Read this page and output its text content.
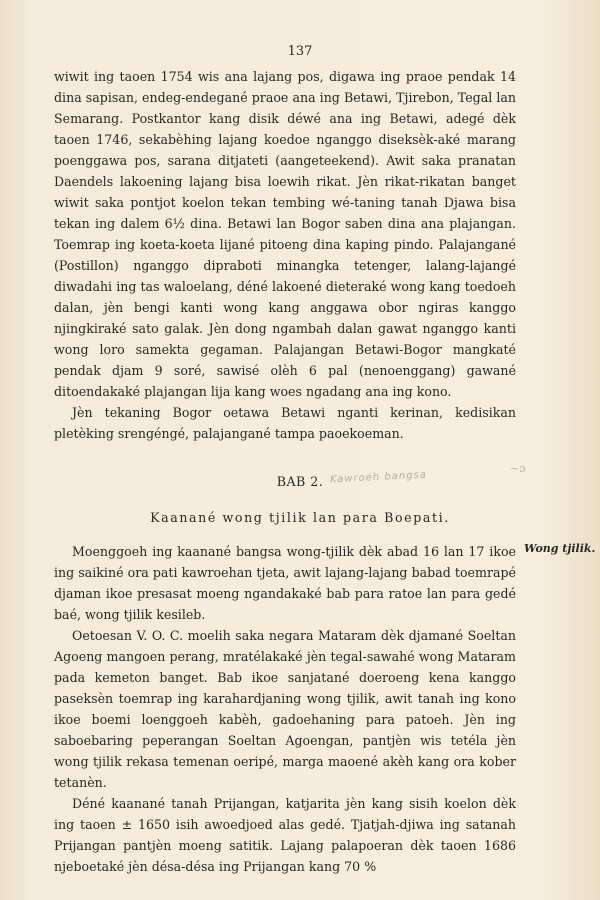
137

wiwit ing taoen 1754 wis ana lajang pos, digawa ing praoe pendak 14 dina sapisan, endeg-endegané praoe ana ing Betawi, Tjirebon, Tegal lan Semarang. Postkantor kang disik déwé ana ing Betawi, adegé dèk taoen 1746, sekabèhing lajang koedoe nganggo diseksèk-aké marang poenggawa pos, sarana ditjateti (aangeteekend). Awit saka pranatan Daendels lakoening lajang bisa loewih rikat. Jèn rikat-rikatan banget wiwit saka pontjot koelon tekan tembing wé-taning tanah Djawa bisa tekan ing dalem 6½ dina. Betawi lan Bogor saben dina ana plajangan. Toemrap ing koeta-koeta lijané pitoeng dina kaping pindo. Palajangané (Postillon) nganggo dipraboti minangka tetenger, lalang-lajangé diwadahi ing tas waloelang, déné lakoené dieteraké wong kang toedoeh dalan, jèn bengi kanti wong kang anggawa obor ngiras kanggo njingkiraké sato galak. Jèn dong ngambah dalan gawat nganggo kanti wong loro samekta gegaman. Palajangan Betawi-Bogor mangkaté pendak djam 9 soré, sawisé olèh 6 pal (nenoenggang) gawané ditoendakaké plajangan lija kang woes ngadang ana ing kono.

Jèn tekaning Bogor oetawa Betawi nganti kerinan, kedisikan pletèking srengéngé, palajangané tampa paoekoeman.

BAB 2. Kawroeh bangsa
~ɔ
Kaanané wong tjilik lan para Boepati.
Wong tjilik.

Moenggoeh ing kaanané bangsa wong-tjilik dèk abad 16 lan 17 ikoe ing saikiné ora pati kawroehan tjeta, awit lajang-lajang babad toemrapé djaman ikoe presasat moeng ngandakaké bab para ratoe lan para gedé baé, wong tjilik kesileb.

Oetoesan V. O. C. moelih saka negara Mataram dèk djamané Soeltan Agoeng mangoen perang, mratélakaké jèn tegal-sawahé wong Mataram pada kemeton banget. Bab ikoe sanjatané doeroeng kena kanggo paseksèn toemrap ing karahardjaning wong tjilik, awit tanah ing kono ikoe boemi loenggoeh kabèh, gadoehaning para patoeh. Jèn ing saboebaring peperangan Soeltan Agoengan, pantjèn wis tetéla jèn wong tjilik rekasa temenan oeripé, marga maoené akèh kang ora kober tetanèn.

Déné kaanané tanah Prijangan, katjarita jèn kang sisih koelon dèk ing taoen ± 1650 isih awoedjoed alas gedé. Tjatjah-djiwa ing satanah Prijangan pantjèn moeng satitik. Lajang palapoeran dèk taoen 1686 njeboetaké jèn désa-désa ing Prijangan kang 70 %
